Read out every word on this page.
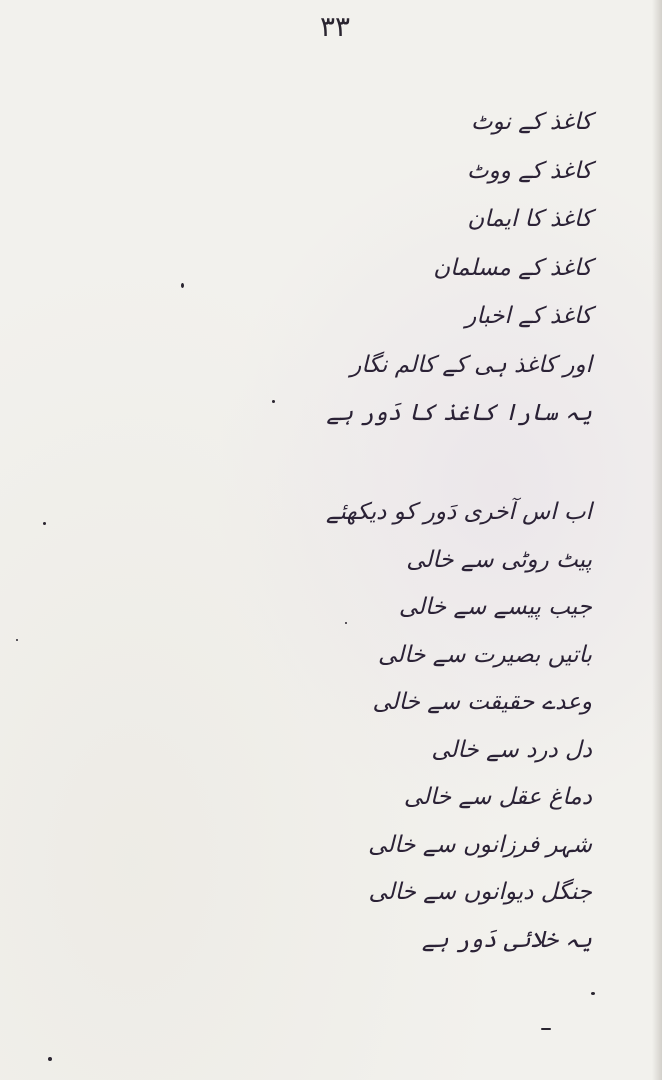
۳۳
کاغذ کے نوٹ
کاغذ کے ووٹ
کاغذ کا ایمان
کاغذ کے مسلمان
کاغذ کے اخبار
اور کاغذ ہی کے کالم نگار
یہ سارا کاغذ کا دَور ہے
اب اس آخری دَور کو دیکھئے
پیٹ روٹی سے خالی
جیب پیسے سے خالی
باتیں بصیرت سے خالی
وعدے حقیقت سے خالی
دل درد سے خالی
دماغ عقل سے خالی
شہر فرزانوں سے خالی
جنگل دیوانوں سے خالی
یہ خلائی دَور ہے
